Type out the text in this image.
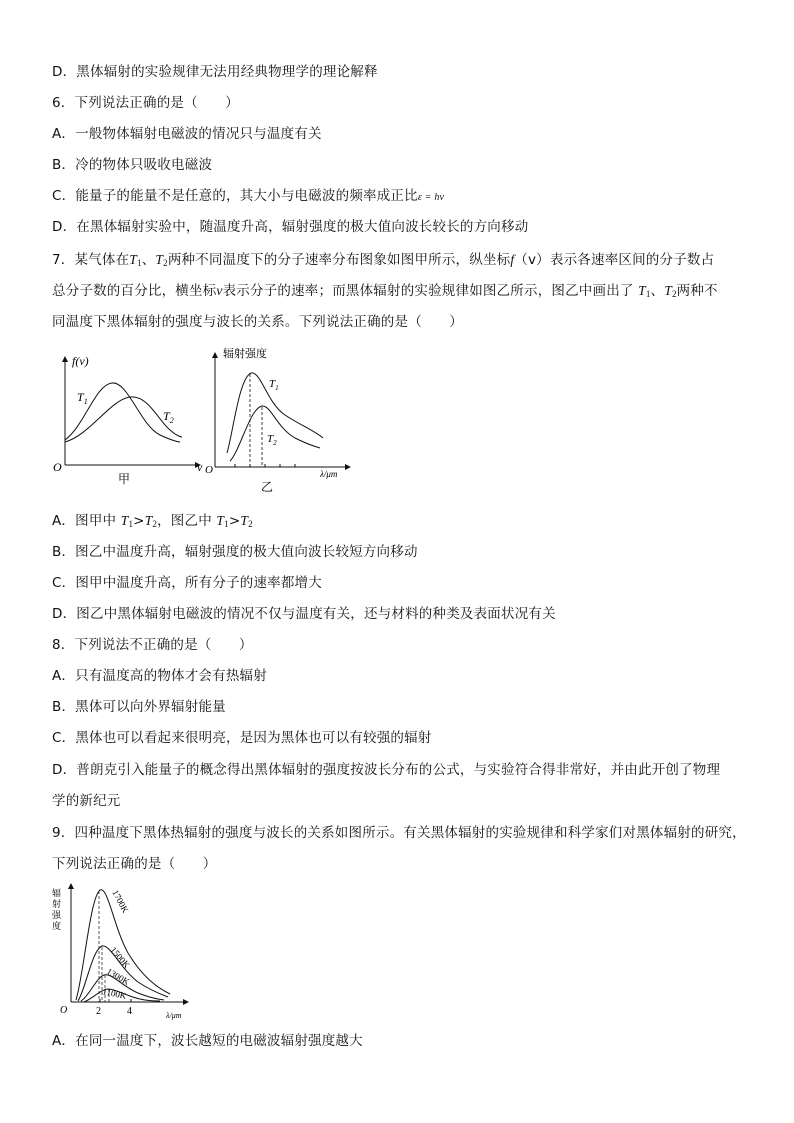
D．黑体辐射的实验规律无法用经典物理学的理论解释
6．下列说法正确的是（　　）
A．一般物体辐射电磁波的情况只与温度有关
B．冷的物体只吸收电磁波
C．能量子的能量不是任意的，其大小与电磁波的频率成正比ε = hν
D．在黑体辐射实验中，随温度升高，辐射强度的极大值向波长较长的方向移动
7．某气体在$T_1$、$T_2$两种不同温度下的分子速率分布图象如图甲所示，纵坐标f（v）表示各速率区间的分子数占
总分子数的百分比，横坐标v表示分子的速率；而黑体辐射的实验规律如图乙所示，图乙中画出了 $T_1$、$T_2$两种不
同温度下黑体辐射的强度与波长的关系。下列说法正确的是（　　）
f(v)
O	v
$T_1$
$T_2$
甲
辐射强度
O	λ/μm
$T_1$
$T_2$
乙
A．图甲中 $T_1>T_2$，图乙中 $T_1>T_2$
B．图乙中温度升高，辐射强度的极大值向波长较短方向移动
C．图甲中温度升高，所有分子的速率都增大
D．图乙中黑体辐射电磁波的情况不仅与温度有关，还与材料的种类及表面状况有关
8．下列说法不正确的是（　　）
A．只有温度高的物体才会有热辐射
B．黑体可以向外界辐射能量
C．黑体也可以看起来很明亮，是因为黑体也可以有较强的辐射
D．普朗克引入能量子的概念得出黑体辐射的强度按波长分布的公式，与实验符合得非常好，并由此开创了物理
学的新纪元
9．四种温度下黑体热辐射的强度与波长的关系如图所示。有关黑体辐射的实验规律和科学家们对黑体辐射的研究，
下列说法正确的是（　　）
辐
射
强
度
O	2	4	λ/μm
1700K
1500K
1300K
1100K
A．在同一温度下，波长越短的电磁波辐射强度越大
